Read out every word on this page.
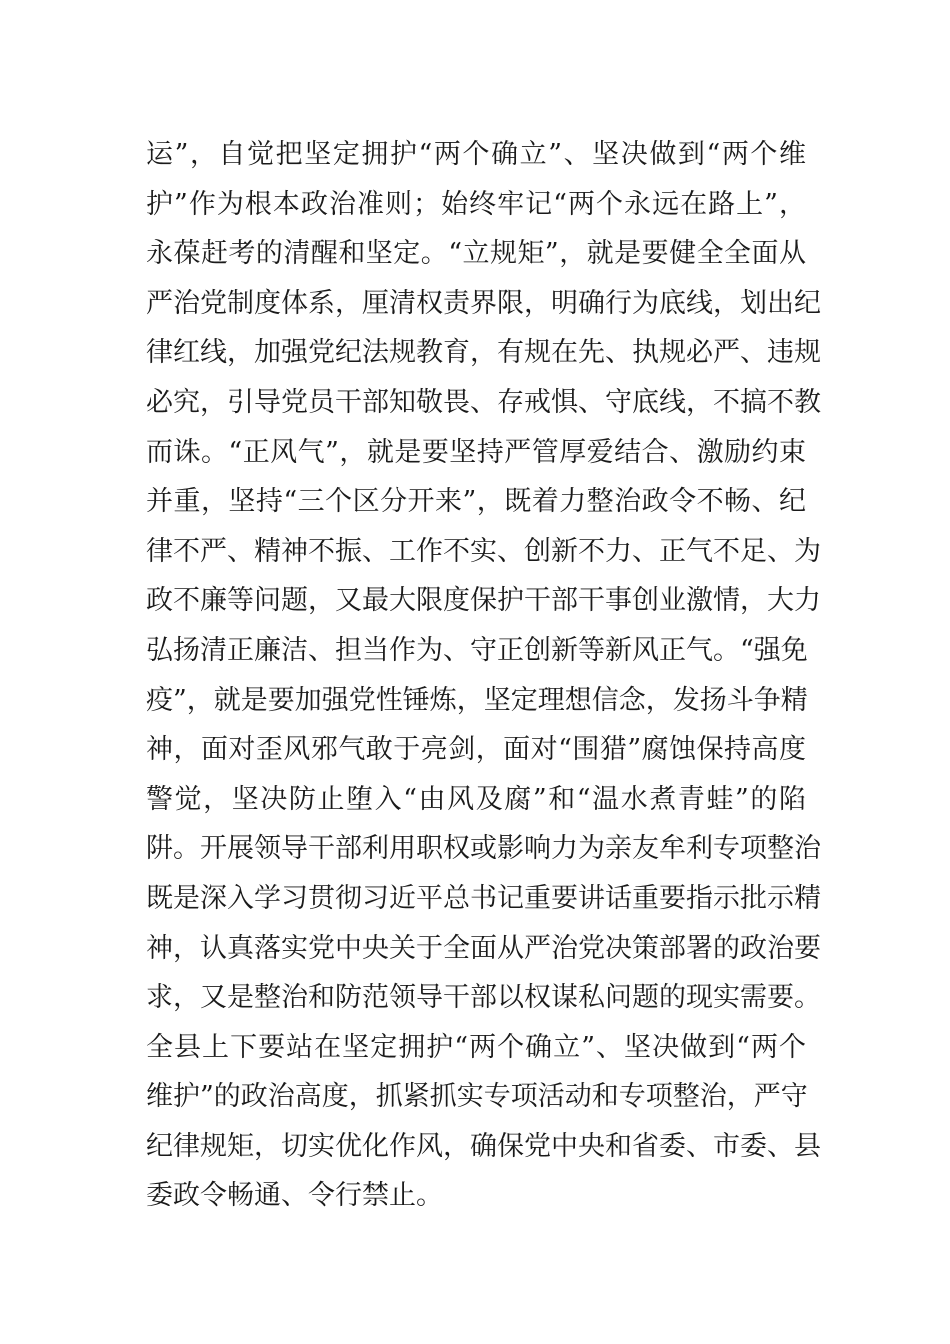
运”，自觉把坚定拥护“两个确立”、坚决做到“两个维
护”作为根本政治准则；始终牢记“两个永远在路上”，
永葆赶考的清醒和坚定。“立规矩”，就是要健全全面从
严治党制度体系，厘清权责界限，明确行为底线，划出纪
律红线，加强党纪法规教育，有规在先、执规必严、违规
必究，引导党员干部知敬畏、存戒惧、守底线，不搞不教
而诛。“正风气”，就是要坚持严管厚爱结合、激励约束
并重，坚持“三个区分开来”，既着力整治政令不畅、纪
律不严、精神不振、工作不实、创新不力、正气不足、为
政不廉等问题，又最大限度保护干部干事创业激情，大力
弘扬清正廉洁、担当作为、守正创新等新风正气。“强免
疫”，就是要加强党性锤炼，坚定理想信念，发扬斗争精
神，面对歪风邪气敢于亮剑，面对“围猎”腐蚀保持高度
警觉，坚决防止堕入“由风及腐”和“温水煮青蛙”的陷
阱。开展领导干部利用职权或影响力为亲友牟利专项整治
既是深入学习贯彻习近平总书记重要讲话重要指示批示精
神，认真落实党中央关于全面从严治党决策部署的政治要
求，又是整治和防范领导干部以权谋私问题的现实需要。
全县上下要站在坚定拥护“两个确立”、坚决做到“两个
维护”的政治高度，抓紧抓实专项活动和专项整治，严守
纪律规矩，切实优化作风，确保党中央和省委、市委、县
委政令畅通、令行禁止。
